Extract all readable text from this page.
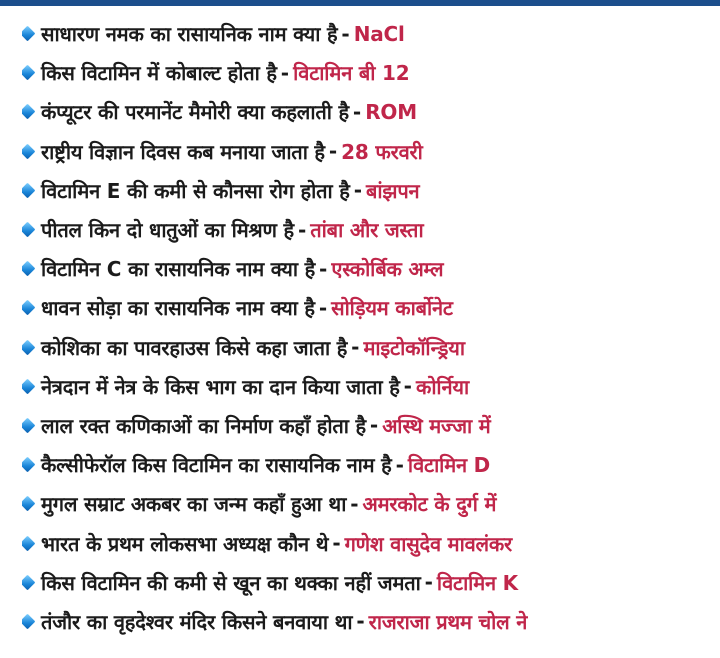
साधारण नमक का रासायनिक नाम क्या है - NaCl
किस विटामिन में कोबाल्ट होता है - विटामिन बी 12
कंप्यूटर की परमानेंट मैमोरी क्या कहलाती है - ROM
राष्ट्रीय विज्ञान दिवस कब मनाया जाता है - 28 फरवरी
विटामिन E की कमी से कौनसा रोग होता है - बांझपन
पीतल किन दो धातुओं का मिश्रण है - तांबा और जस्ता
विटामिन C का रासायनिक नाम क्या है - एस्कोर्बिक अम्ल
धावन सोड़ा का रासायनिक नाम क्या है - सोड़ियम कार्बोनेट
कोशिका का पावरहाउस किसे कहा जाता है - माइटोकॉन्ड्रिया
नेत्रदान में नेत्र के किस भाग का दान किया जाता है - कोर्निया
लाल रक्त कणिकाओं का निर्माण कहाँ होता है - अस्थि मज्जा में
कैल्सीफेरॉल किस विटामिन का रासायनिक नाम है - विटामिन D
मुगल सम्राट अकबर का जन्म कहाँ हुआ था - अमरकोट के दुर्ग में
भारत के प्रथम लोकसभा अध्यक्ष कौन थे - गणेश वासुदेव मावलंकर
किस विटामिन की कमी से खून का थक्का नहीं जमता - विटामिन K
तंजौर का वृहदेश्वर मंदिर किसने बनवाया था - राजराजा प्रथम चोल ने
